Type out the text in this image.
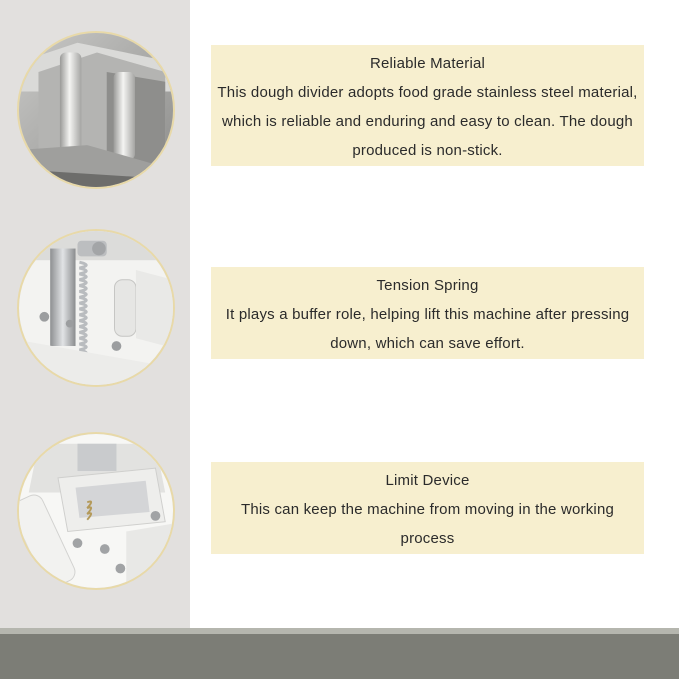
Reliable Material
This dough divider adopts food grade stainless steel material, which is reliable and enduring and easy to clean. The dough produced is non-stick.
Tension Spring
It plays a buffer role, helping lift this machine after pressing down, which can save effort.
Limit Device
This can keep the machine from moving in the working process
